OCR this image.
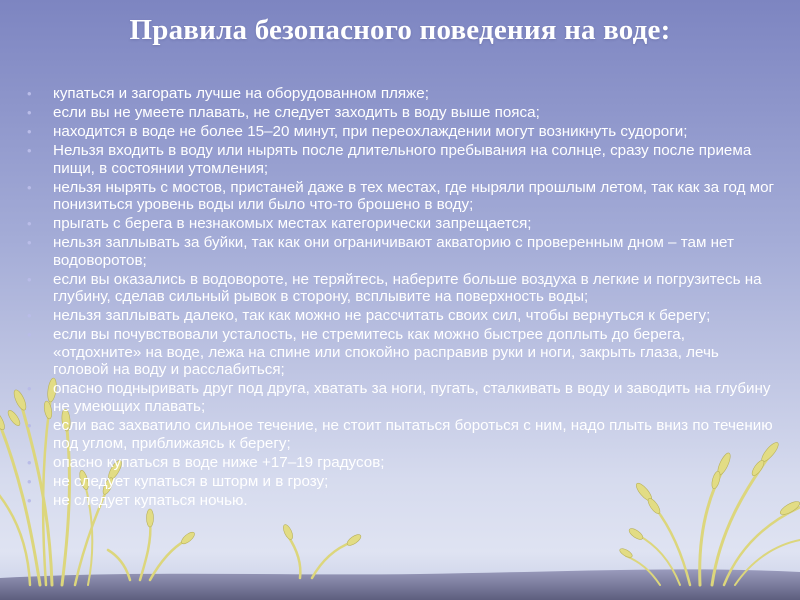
Правила безопасного поведения на воде:
• купаться и загорать лучше на оборудованном пляже;
• если вы не умеете плавать, не следует заходить в воду выше пояса;
• находится в воде не более 15–20 минут, при переохлаждении могут возникнуть судороги;
• Нельзя входить в воду или нырять после длительного пребывания на солнце, сразу после приема пищи, в состоянии утомления;
• нельзя нырять с мостов, пристаней даже в тех местах, где ныряли прошлым летом, так как за год мог понизиться уровень воды или было что-то брошено в воду;
• прыгать с берега в незнакомых местах категорически запрещается;
• нельзя заплывать за буйки, так как они ограничивают акваторию с проверенным дном – там нет водоворотов;
• если вы оказались в водовороте, не теряйтесь, наберите больше воздуха в легкие и погрузитесь на глубину, сделав сильный рывок в сторону, всплывите на поверхность воды;
• нельзя заплывать далеко, так как можно не рассчитать своих сил, чтобы вернуться к берегу;
• если вы почувствовали усталость, не стремитесь как можно быстрее доплыть до берега, «отдохните» на воде, лежа на спине или спокойно расправив руки и ноги, закрыть глаза, лечь головой на воду и расслабиться;
• опасно подныривать друг под друга, хватать за ноги, пугать, сталкивать в воду и заводить на глубину не умеющих плавать;
• если вас захватило сильное течение, не стоит пытаться бороться с ним, надо плыть вниз по течению под углом, приближаясь к берегу;
• опасно купаться в воде ниже +17–19 градусов;
• не следует купаться в шторм и в грозу;
• не следует купаться ночью.
